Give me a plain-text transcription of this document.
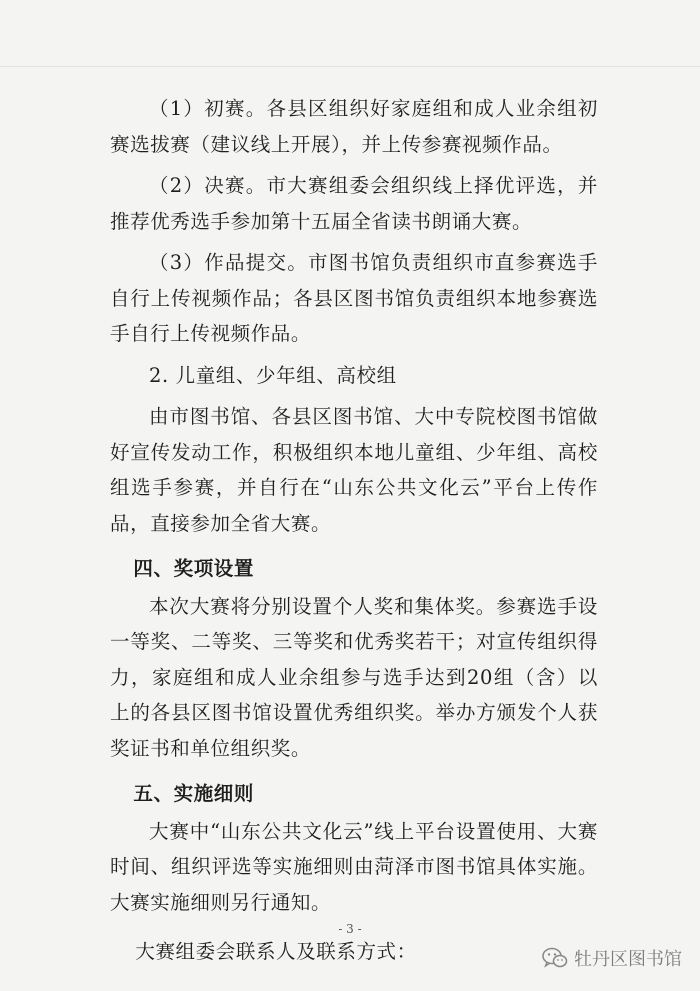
（1）初赛。各县区组织好家庭组和成人业余组初赛选拔赛（建议线上开展），并上传参赛视频作品。

（2）决赛。市大赛组委会组织线上择优评选，并推荐优秀选手参加第十五届全省读书朗诵大赛。

（3）作品提交。市图书馆负责组织市直参赛选手自行上传视频作品；各县区图书馆负责组织本地参赛选手自行上传视频作品。

2. 儿童组、少年组、高校组

由市图书馆、各县区图书馆、大中专院校图书馆做好宣传发动工作，积极组织本地儿童组、少年组、高校组选手参赛，并自行在“山东公共文化云”平台上传作品，直接参加全省大赛。

四、奖项设置

本次大赛将分别设置个人奖和集体奖。参赛选手设一等奖、二等奖、三等奖和优秀奖若干；对宣传组织得力，家庭组和成人业余组参与选手达到20组（含）以上的各县区图书馆设置优秀组织奖。举办方颁发个人获奖证书和单位组织奖。

五、实施细则

大赛中“山东公共文化云”线上平台设置使用、大赛时间、组织评选等实施细则由菏泽市图书馆具体实施。大赛实施细则另行通知。

大赛组委会联系人及联系方式：

- 3 -
牡丹区图书馆
